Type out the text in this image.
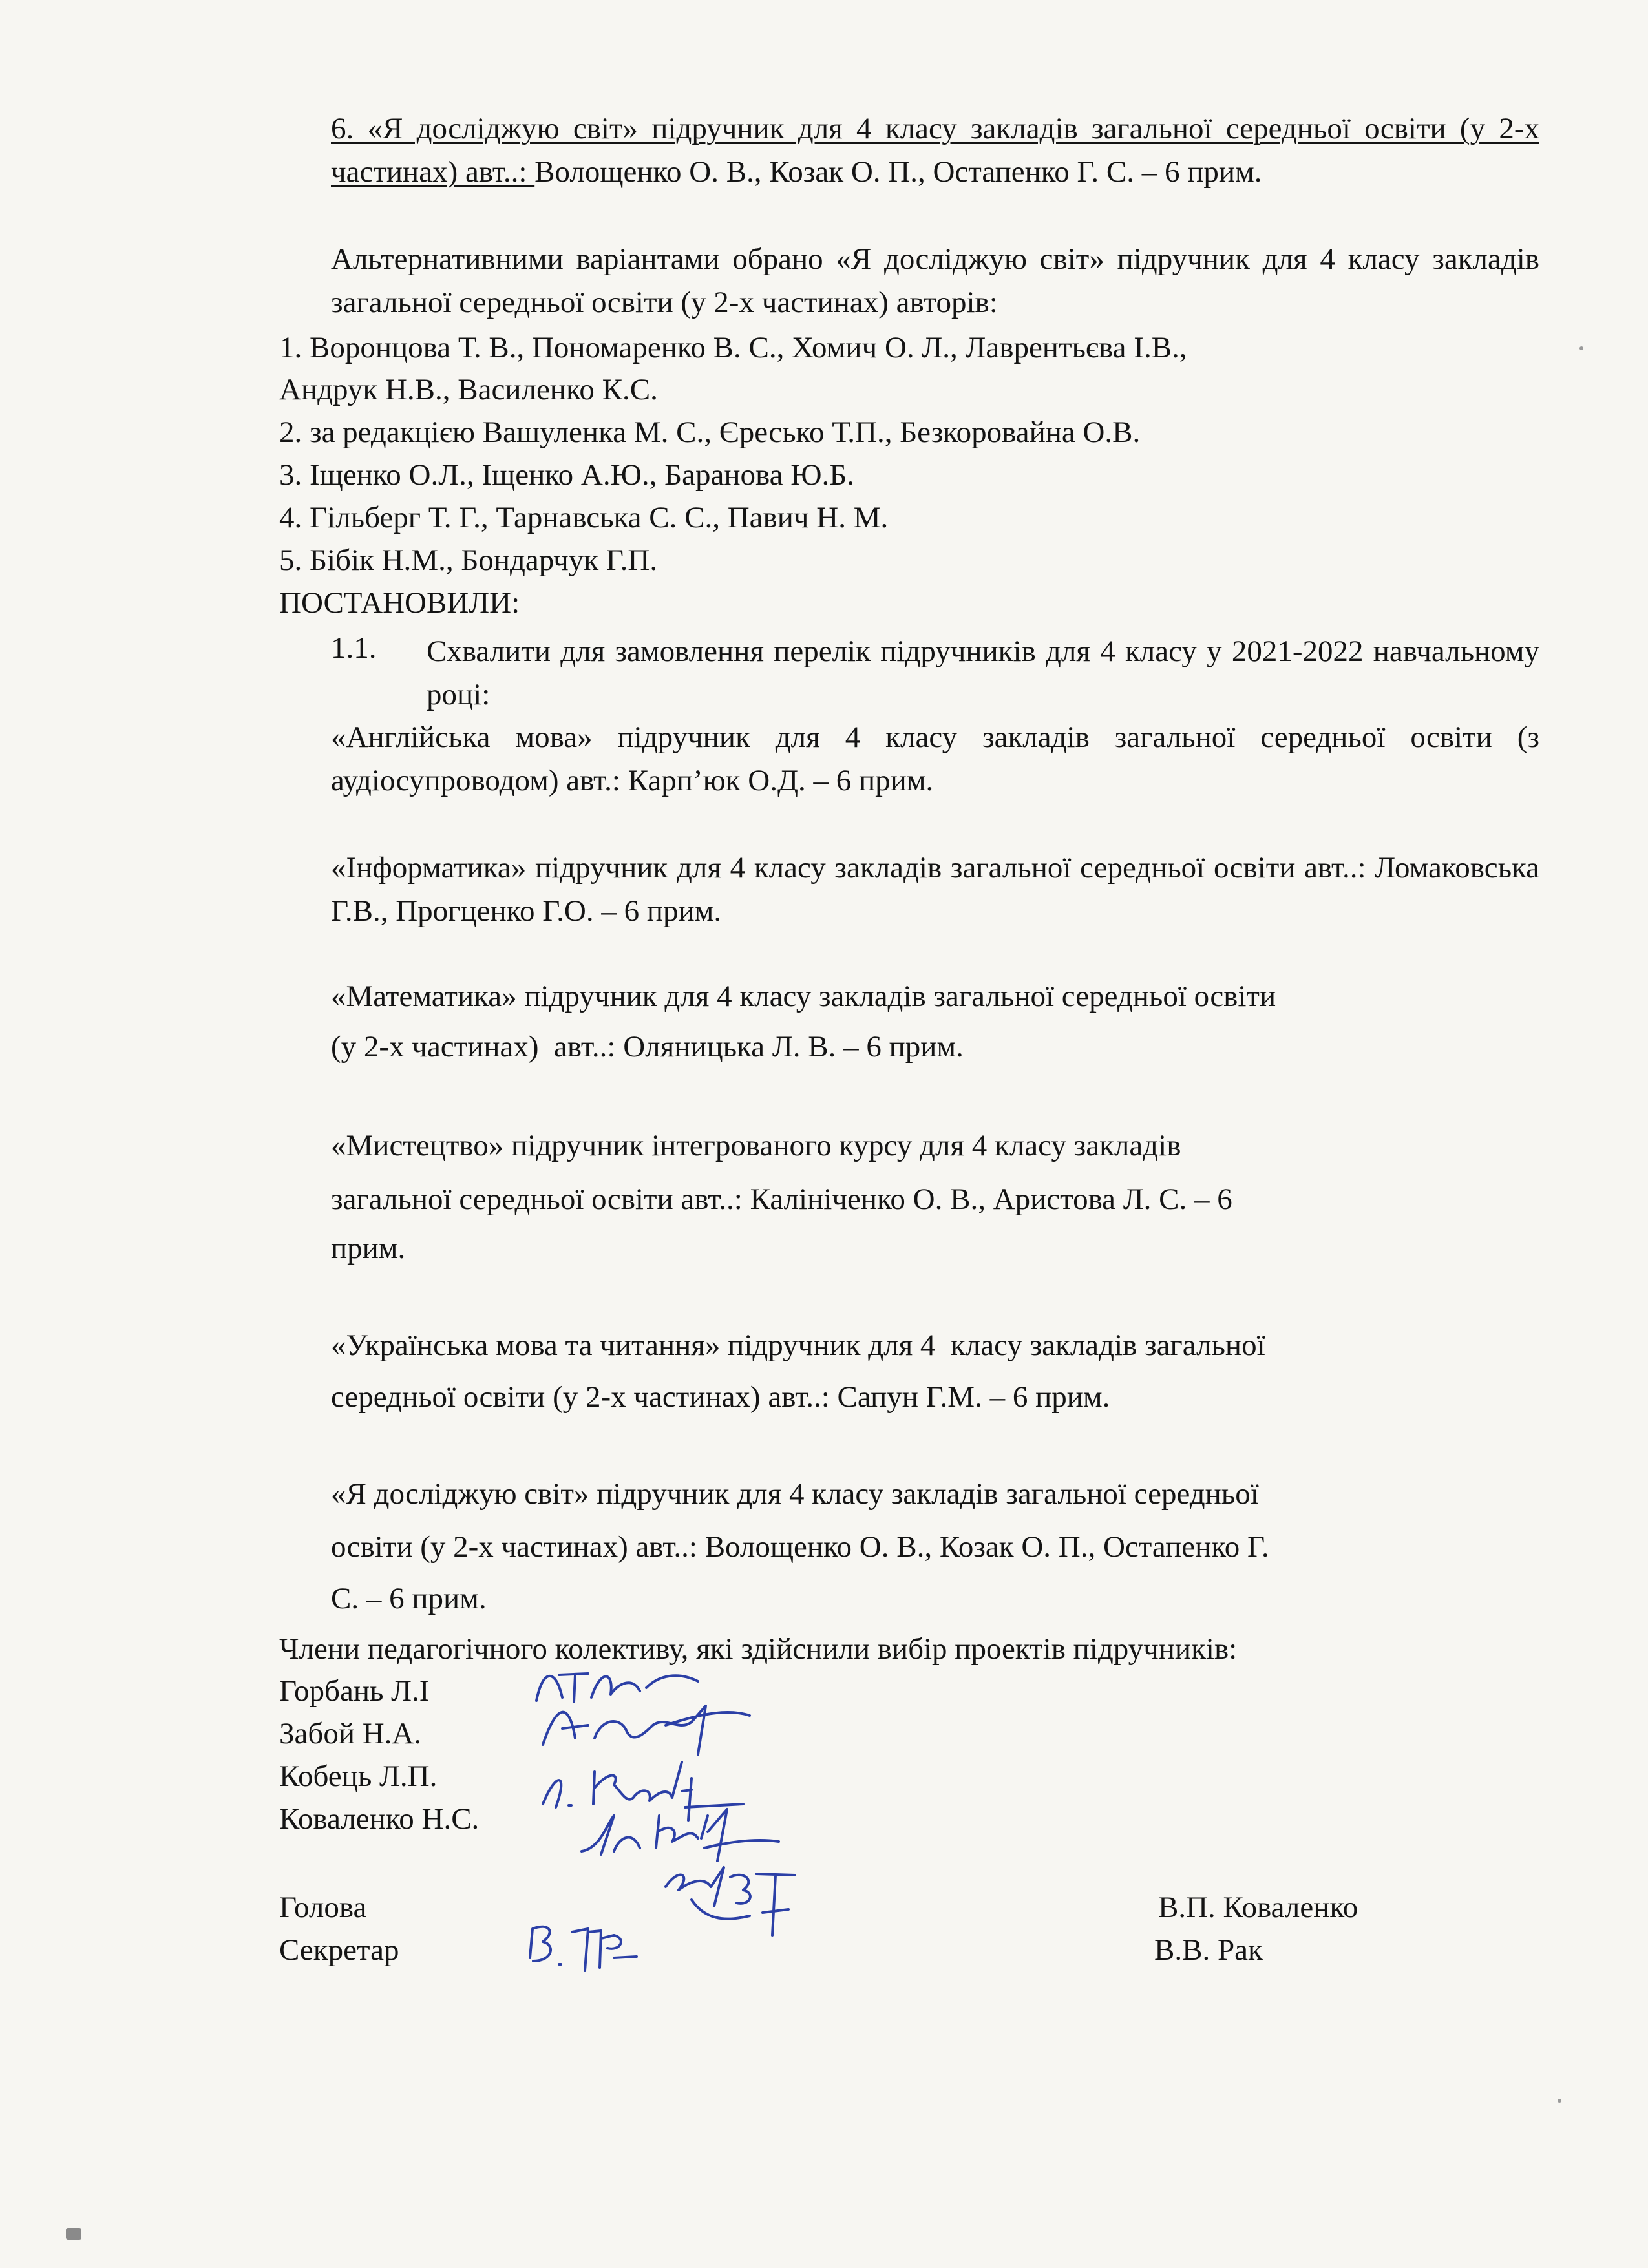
6. «Я досліджую світ» підручник для 4 класу закладів загальної середньої освіти (у 2-х частинах) авт..: Волощенко О. В., Козак О. П., Остапенко Г. С. – 6 прим.

Альтернативними варіантами обрано «Я досліджую світ» підручник для 4 класу закладів загальної середньої освіти (у 2-х частинах) авторів:

1. Воронцова Т. В., Пономаренко В. С., Хомич О. Л., Лаврентьєва І.В.,

Андрук Н.В., Василенко К.С.

2. за редакцією Вашуленка М. С., Єресько Т.П., Безкоровайна О.В.

3. Іщенко О.Л., Іщенко А.Ю., Баранова Ю.Б.

4. Гільберг Т. Г., Тарнавська С. С., Павич Н. М.

5. Бібік Н.М., Бондарчук Г.П.

ПОСТАНОВИЛИ:

1.1. Схвалити для замовлення перелік підручників для 4 класу у 2021-2022 навчальному році:

«Англійська мова» підручник для 4 класу закладів загальної середньої освіти (з аудіосупроводом) авт.: Карп’юк О.Д. – 6 прим.

«Інформатика» підручник для 4 класу закладів загальної середньої освіти авт..: Ломаковська Г.В., Прогценко Г.О. – 6 прим.

«Математика» підручник для 4 класу закладів загальної середньої освіти

(у 2-х частинах)  авт..: Оляницька Л. В. – 6 прим.

«Мистецтво» підручник інтегрованого курсу для 4 класу закладів

загальної середньої освіти авт..: Калініченко О. В., Аристова Л. С. – 6

прим.

«Українська мова та читання» підручник для 4  класу закладів загальної

середньої освіти (у 2-х частинах) авт..: Сапун Г.М. – 6 прим.

«Я досліджую світ» підручник для 4 класу закладів загальної середньої

освіти (у 2-х частинах) авт..: Волощенко О. В., Козак О. П., Остапенко Г.

С. – 6 прим.

Члени педагогічного колективу, які здійснили вибір проектів підручників:

Горбань Л.І

Забой Н.А.

Кобець Л.П.

Коваленко Н.С.

Голова	В.П. Коваленко

Секретар	В.В. Рак
